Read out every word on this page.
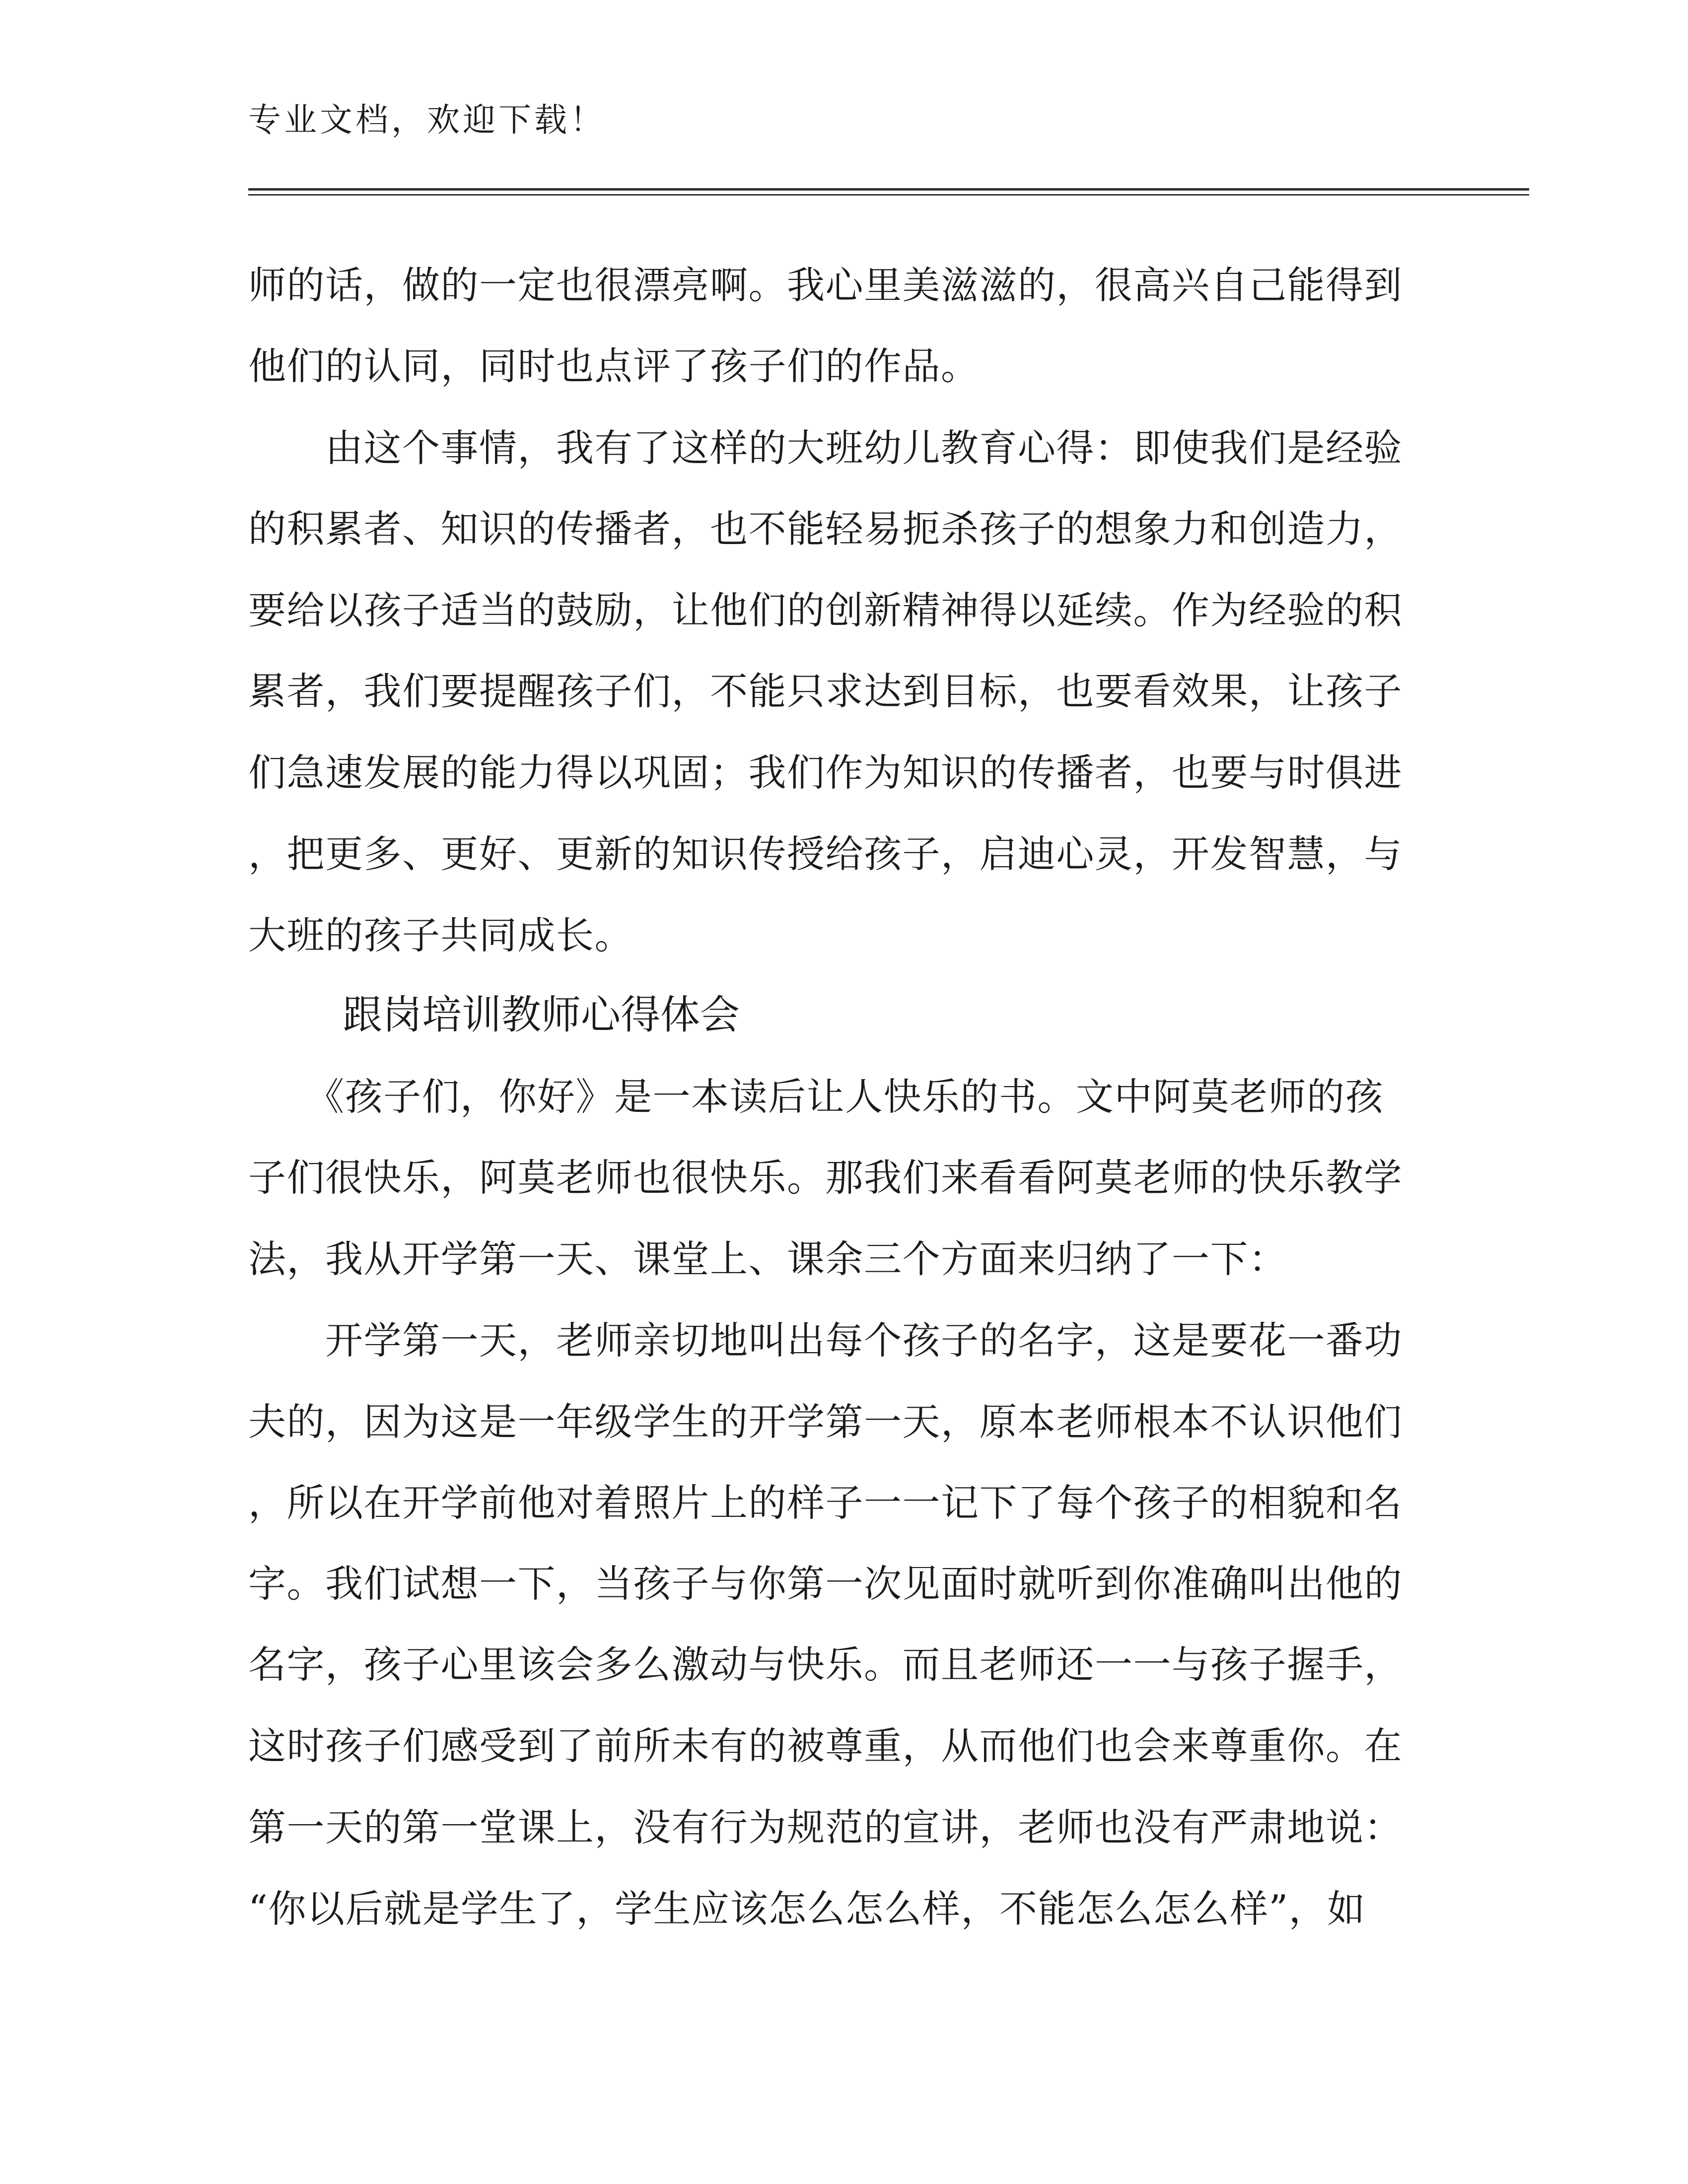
专业文档，欢迎下载！
师的话，做的一定也很漂亮啊。我心里美滋滋的，很高兴自己能得到
他们的认同，同时也点评了孩子们的作品。
　　由这个事情，我有了这样的大班幼儿教育心得：即使我们是经验
的积累者、知识的传播者，也不能轻易扼杀孩子的想象力和创造力，
要给以孩子适当的鼓励，让他们的创新精神得以延续。作为经验的积
累者，我们要提醒孩子们，不能只求达到目标，也要看效果，让孩子
们急速发展的能力得以巩固；我们作为知识的传播者，也要与时俱进
，把更多、更好、更新的知识传授给孩子，启迪心灵，开发智慧，与
大班的孩子共同成长。
跟岗培训教师心得体会
　　《孩子们，你好》是一本读后让人快乐的书。文中阿莫老师的孩
子们很快乐，阿莫老师也很快乐。那我们来看看阿莫老师的快乐教学
法，我从开学第一天、课堂上、课余三个方面来归纳了一下：
　　开学第一天，老师亲切地叫出每个孩子的名字，这是要花一番功
夫的，因为这是一年级学生的开学第一天，原本老师根本不认识他们
，所以在开学前他对着照片上的样子一一记下了每个孩子的相貌和名
字。我们试想一下，当孩子与你第一次见面时就听到你准确叫出他的
名字，孩子心里该会多么激动与快乐。而且老师还一一与孩子握手，
这时孩子们感受到了前所未有的被尊重，从而他们也会来尊重你。在
第一天的第一堂课上，没有行为规范的宣讲，老师也没有严肃地说：
“你以后就是学生了，学生应该怎么怎么样，不能怎么怎么样”，如
